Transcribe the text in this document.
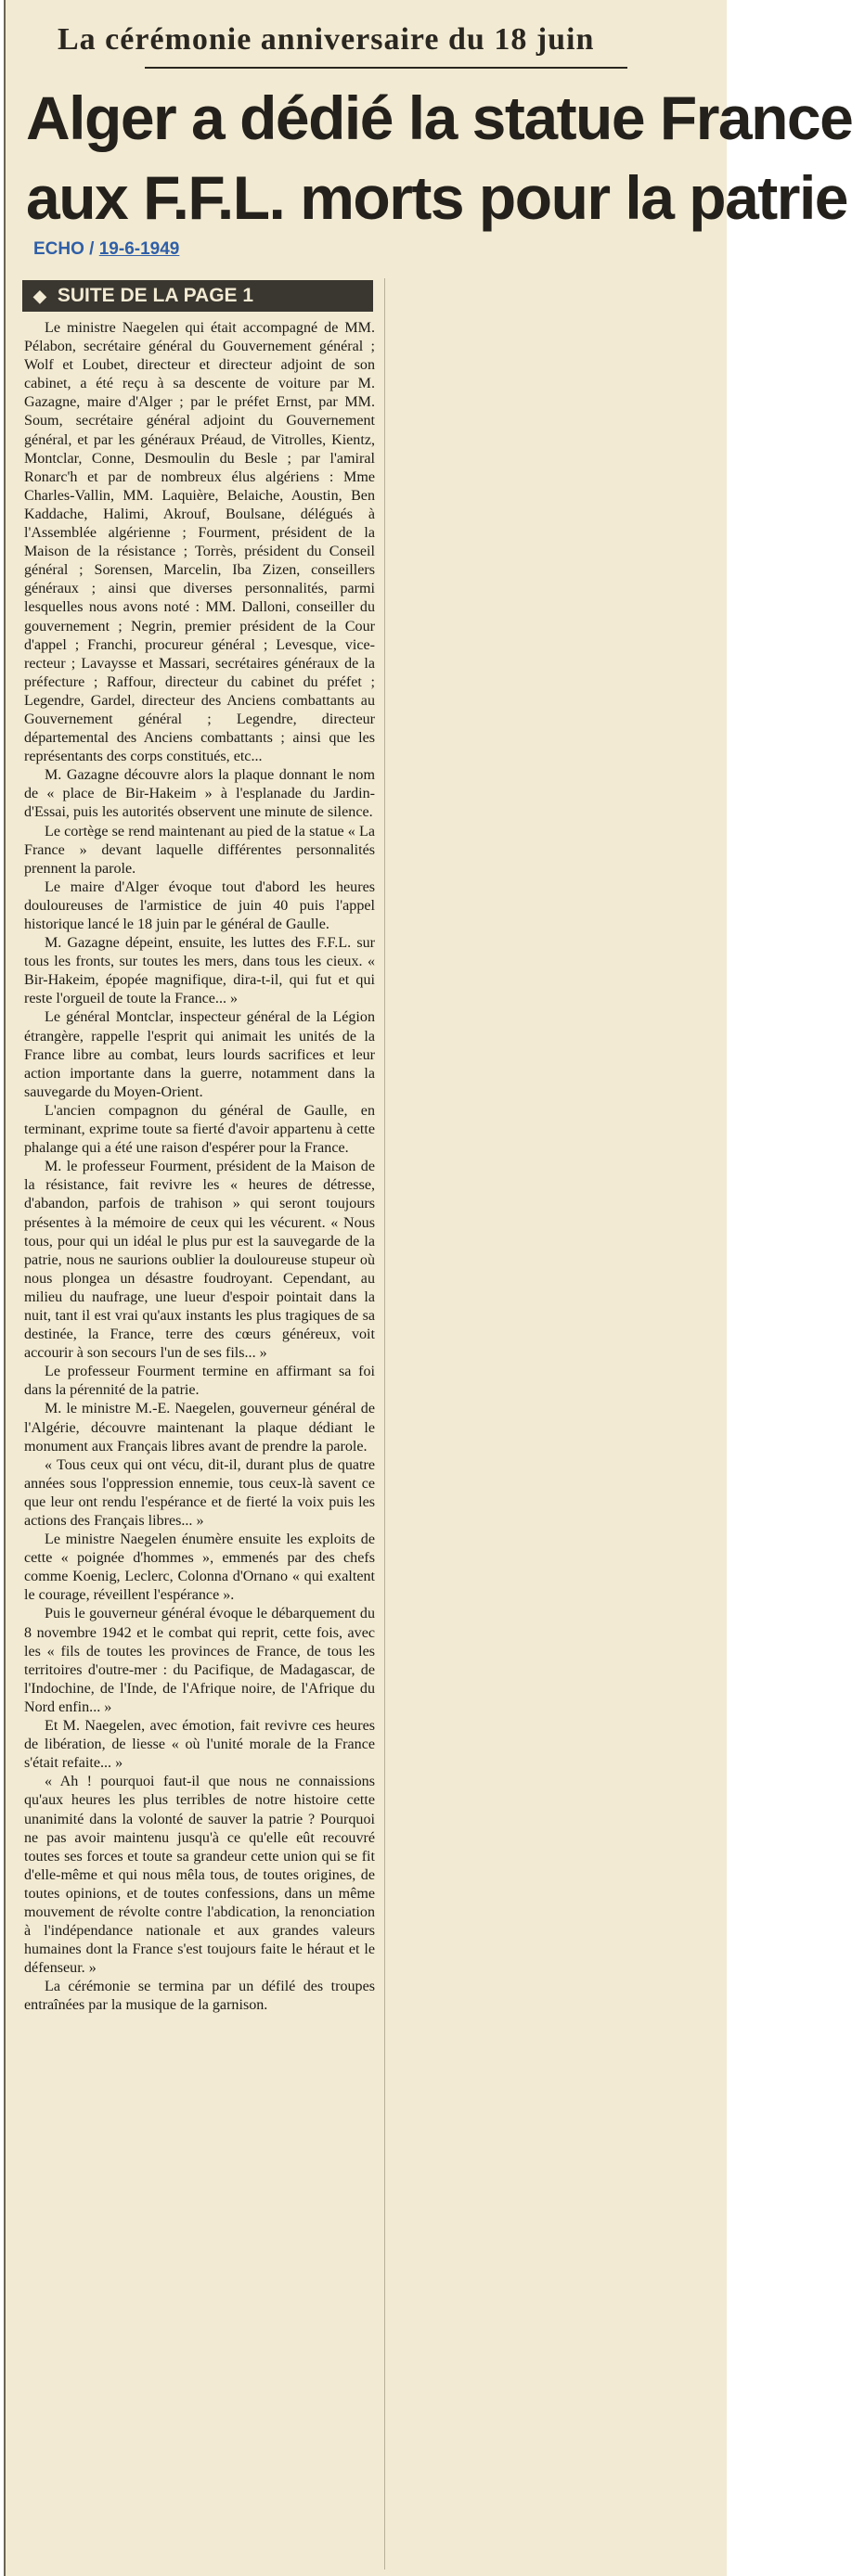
La cérémonie anniversaire du 18 juin
Alger a dédié la statue France
aux F.F.L. morts pour la patrie
ECHO / 19-6-1949
◆ SUITE DE LA PAGE 1

Le ministre Naegelen qui était accompagné de MM. Pélabon, secrétaire général du Gouvernement général ; Wolf et Loubet, directeur et directeur adjoint de son cabinet, a été reçu à sa descente de voiture par M. Gazagne, maire d'Alger ; par le préfet Ernst, par MM. Soum, secrétaire général adjoint du Gouvernement général, et par les généraux Préaud, de Vitrolles, Kientz, Montclar, Conne, Desmoulin du Besle ; par l'amiral Ronarc'h et par de nombreux élus algériens : Mme Charles-Vallin, MM. Laquière, Belaiche, Aoustin, Ben Kaddache, Halimi, Akrouf, Boulsane, délégués à l'Assemblée algérienne ; Fourment, président de la Maison de la résistance ; Torrès, président du Conseil général ; Sorensen, Marcelin, Iba Zizen, conseillers généraux ; ainsi que diverses personnalités, parmi lesquelles nous avons noté : MM. Dalloni, conseiller du gouvernement ; Negrin, premier président de la Cour d'appel ; Franchi, procureur général ; Levesque, vice-recteur ; Lavaysse et Massari, secrétaires généraux de la préfecture ; Raffour, directeur du cabinet du préfet ; Legendre, Gardel, directeur des Anciens combattants au Gouvernement général ; Legendre, directeur départemental des Anciens combattants ; ainsi que les représentants des corps constitués, etc...

M. Gazagne découvre alors la plaque donnant le nom de « place de Bir-Hakeim » à l'esplanade du Jardin-d'Essai, puis les autorités observent une minute de silence.

Le cortège se rend maintenant au pied de la statue « La France » devant laquelle différentes personnalités prennent la parole.

Le maire d'Alger évoque tout d'abord les heures douloureuses de l'armistice de juin 40 puis l'appel historique lancé le 18 juin par le général de Gaulle.

M. Gazagne dépeint, ensuite, les luttes des F.F.L. sur tous les fronts, sur toutes les mers, dans tous les cieux. « Bir-Hakeim, épopée magnifique, dira-t-il, qui fut et qui reste l'orgueil de toute la France... »

Le général Montclar, inspecteur général de la Légion étrangère, rappelle l'esprit qui animait les unités de la France libre au combat, leurs lourds sacrifices et leur action importante dans la guerre, notamment dans la sauvegarde du Moyen-Orient.

L'ancien compagnon du général de Gaulle, en terminant, exprime toute sa fierté d'avoir appartenu à cette phalange qui a été une raison d'espérer pour la France.

M. le professeur Fourment, président de la Maison de la résistance, fait revivre les « heures de détresse, d'abandon, parfois de trahison » qui seront toujours présentes à la mémoire de ceux qui les vécurent. « Nous tous, pour qui un idéal le plus pur est la sauvegarde de la patrie, nous ne saurions oublier la douloureuse stupeur où nous plongea un désastre foudroyant. Cependant, au milieu du naufrage, une lueur d'espoir pointait dans la nuit, tant il est vrai qu'aux instants les plus tragiques de sa destinée, la France, terre des cœurs généreux, voit accourir à son secours l'un de ses fils... »

Le professeur Fourment termine en affirmant sa foi dans la pérennité de la patrie.

M. le ministre M.-E. Naegelen, gouverneur général de l'Algérie, découvre maintenant la plaque dédiant le monument aux Français libres avant de prendre la parole.

« Tous ceux qui ont vécu, dit-il, durant plus de quatre années sous l'oppression ennemie, tous ceux-là savent ce que leur ont rendu l'espérance et de fierté la voix puis les actions des Français libres... »

Le ministre Naegelen énumère ensuite les exploits de cette « poignée d'hommes », emmenés par des chefs comme Koenig, Leclerc, Colonna d'Ornano « qui exaltent le courage, réveillent l'espérance ».

Puis le gouverneur général évoque le débarquement du 8 novembre 1942 et le combat qui reprit, cette fois, avec les « fils de toutes les provinces de France, de tous les territoires d'outre-mer : du Pacifique, de Madagascar, de l'Indochine, de l'Inde, de l'Afrique noire, de l'Afrique du Nord enfin... »

Et M. Naegelen, avec émotion, fait revivre ces heures de libération, de liesse « où l'unité morale de la France s'était refaite... »

« Ah ! pourquoi faut-il que nous ne connaissions qu'aux heures les plus terribles de notre histoire cette unanimité dans la volonté de sauver la patrie ? Pourquoi ne pas avoir maintenu jusqu'à ce qu'elle eût recouvré toutes ses forces et toute sa grandeur cette union qui se fit d'elle-même et qui nous mêla tous, de toutes origines, de toutes opinions, et de toutes confessions, dans un même mouvement de révolte contre l'abdication, la renonciation à l'indépendance nationale et aux grandes valeurs humaines dont la France s'est toujours faite le héraut et le défenseur. »

La cérémonie se termina par un défilé des troupes entraînées par la musique de la garnison.
